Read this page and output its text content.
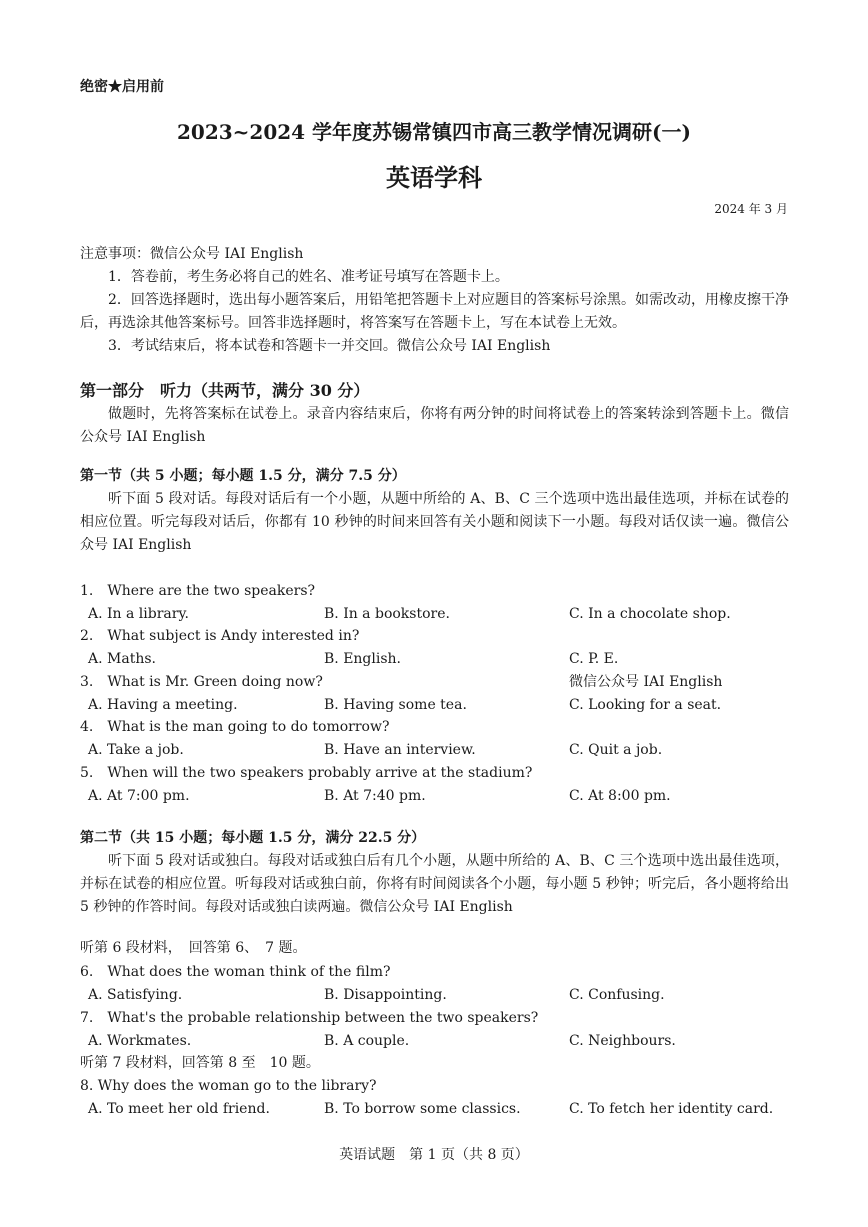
绝密★启用前
2023~2024 学年度苏锡常镇四市高三教学情况调研(一)
英语学科
2024 年 3 月
注意事项：微信公众号 IAI English
1．答卷前，考生务必将自己的姓名、准考证号填写在答题卡上。
2．回答选择题时，选出每小题答案后，用铅笔把答题卡上对应题目的答案标号涂黑。如需改动，用橡皮擦干净后，再选涂其他答案标号。回答非选择题时，将答案写在答题卡上，写在本试卷上无效。
3．考试结束后，将本试卷和答题卡一并交回。微信公众号 IAI English
第一部分　听力（共两节，满分 30 分）
做题时，先将答案标在试卷上。录音内容结束后，你将有两分钟的时间将试卷上的答案转涂到答题卡上。微信公众号 IAI English
第一节（共 5 小题；每小题 1.5 分，满分 7.5 分）
听下面 5 段对话。每段对话后有一个小题，从题中所给的 A、B、C 三个选项中选出最佳选项，并标在试卷的相应位置。听完每段对话后，你都有 10 秒钟的时间来回答有关小题和阅读下一小题。每段对话仅读一遍。微信公众号 IAI English
1.　Where are the two speakers?
A. In a library.	B. In a bookstore.	C. In a chocolate shop.
2.　What subject is Andy interested in?
A. Maths.	B. English.	C. P. E.
3.　What is Mr. Green doing now?	微信公众号 IAI English
A. Having a meeting.	B. Having some tea.	C. Looking for a seat.
4.　What is the man going to do tomorrow?
A. Take a job.	B. Have an interview.	C. Quit a job.
5.　When will the two speakers probably arrive at the stadium?
A. At 7:00 pm.	B. At 7:40 pm.	C. At 8:00 pm.
第二节（共 15 小题；每小题 1.5 分，满分 22.5 分）
听下面 5 段对话或独白。每段对话或独白后有几个小题，从题中所给的 A、B、C 三个选项中选出最佳选项，并标在试卷的相应位置。听每段对话或独白前，你将有时间阅读各个小题，每小题 5 秒钟；听完后，各小题将给出 5 秒钟的作答时间。每段对话或独白读两遍。微信公众号 IAI English
听第 6 段材料，　回答第 6、　7 题。
6.　What does the woman think of the film?
A. Satisfying.	B. Disappointing.	C. Confusing.
7.　What's the probable relationship between the two speakers?
A. Workmates.	B. A couple.	C. Neighbours.
听第 7 段材料，回答第 8 至　10 题。
8. Why does the woman go to the library?
A. To meet her old friend.	B. To borrow some classics.	C. To fetch her identity card.
英语试题　第 1 页（共 8 页）
